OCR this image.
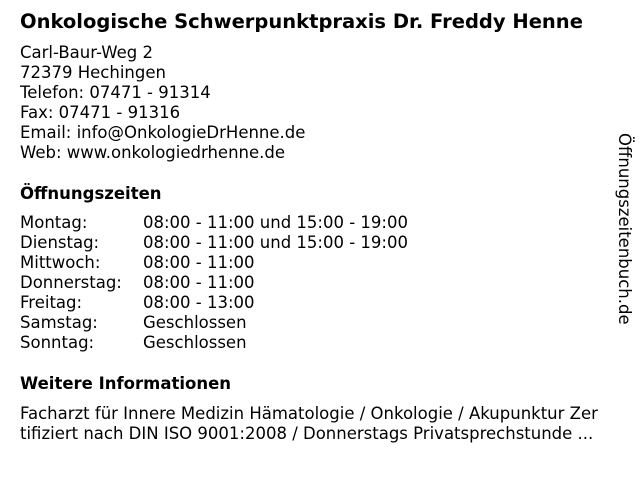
Onkologische Schwerpunktpraxis Dr. Freddy Henne
Carl-Baur-Weg 2
72379 Hechingen
Telefon: 07471 - 91314
Fax: 07471 - 91316
Email: info@OnkologieDrHenne.de
Web: www.onkologiedrhenne.de
Öffnungszeiten
Montag:	08:00 - 11:00 und 15:00 - 19:00
Dienstag:	08:00 - 11:00 und 15:00 - 19:00
Mittwoch:	08:00 - 11:00
Donnerstag: 08:00 - 11:00
Freitag:	08:00 - 13:00
Samstag:	Geschlossen
Sonntag:	Geschlossen
Weitere Informationen
Facharzt für Innere Medizin Hämatologie / Onkologie / Akupunktur Zer
tifiziert nach DIN ISO 9001:2008 / Donnerstags Privatsprechstunde ...
Öffnungszeitenbuch.de
